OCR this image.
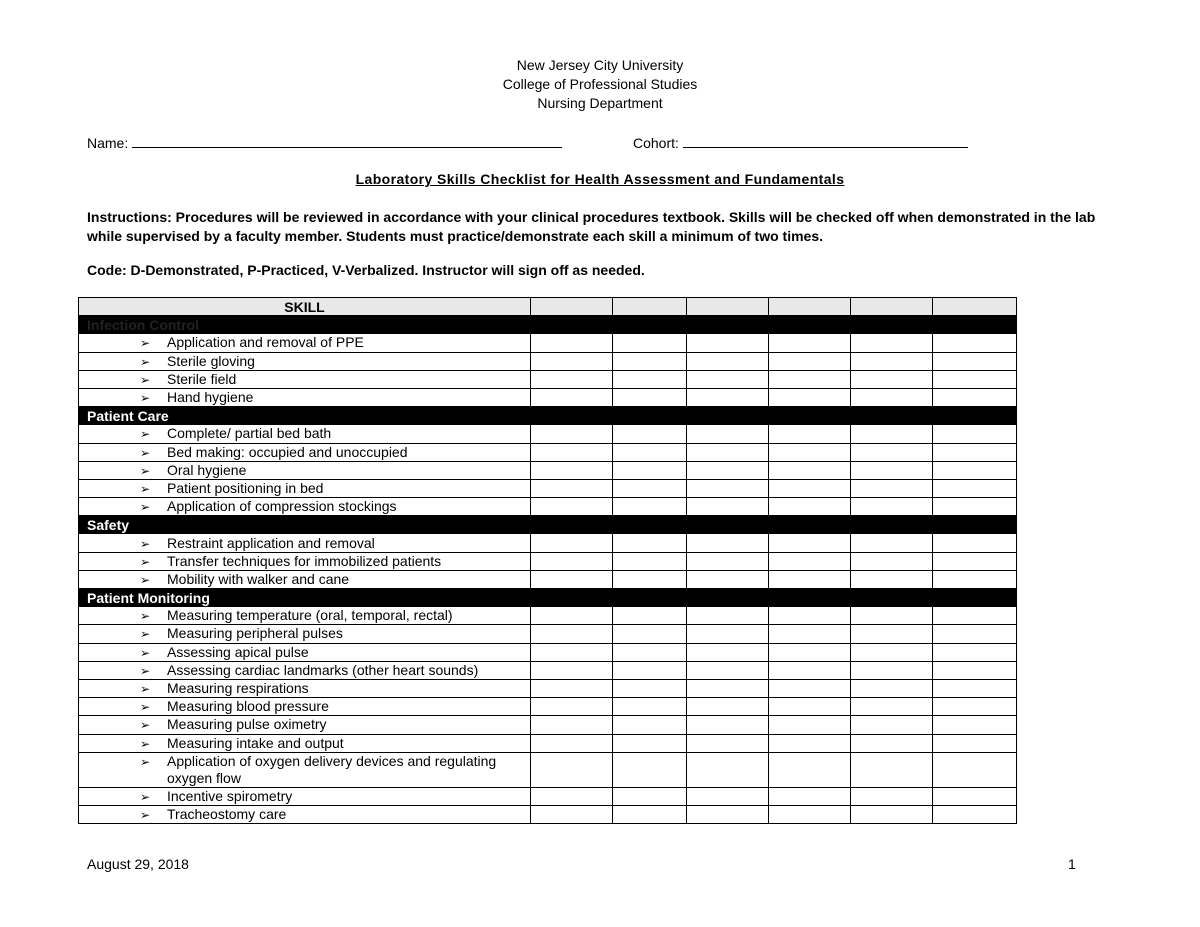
New Jersey City University
College of Professional Studies
Nursing Department
Name:	Cohort:
Laboratory Skills Checklist for Health Assessment and Fundamentals
Instructions: Procedures will be reviewed in accordance with your clinical procedures textbook. Skills will be checked off when demonstrated in the lab while supervised by a faculty member. Students must practice/demonstrate each skill a minimum of two times.
Code: D-Demonstrated, P-Practiced, V-Verbalized. Instructor will sign off as needed.
SKILL						
Infection Control						
➢ Application and removal of PPE						
➢ Sterile gloving						
➢ Sterile field						
➢ Hand hygiene						
Patient Care						
➢ Complete/ partial bed bath						
➢ Bed making: occupied and unoccupied						
➢ Oral hygiene						
➢ Patient positioning in bed						
➢ Application of compression stockings						
Safety						
➢ Restraint application and removal						
➢ Transfer techniques for immobilized patients						
➢ Mobility with walker and cane						
Patient Monitoring						
➢ Measuring temperature (oral, temporal, rectal)						
➢ Measuring peripheral pulses						
➢ Assessing apical pulse						
➢ Assessing cardiac landmarks (other heart sounds)						
➢ Measuring respirations						
➢ Measuring blood pressure						
➢ Measuring pulse oximetry						
➢ Measuring intake and output						
➢ Application of oxygen delivery devices and regulating oxygen flow						
➢ Incentive spirometry						
➢ Tracheostomy care						
August 29, 2018	1
